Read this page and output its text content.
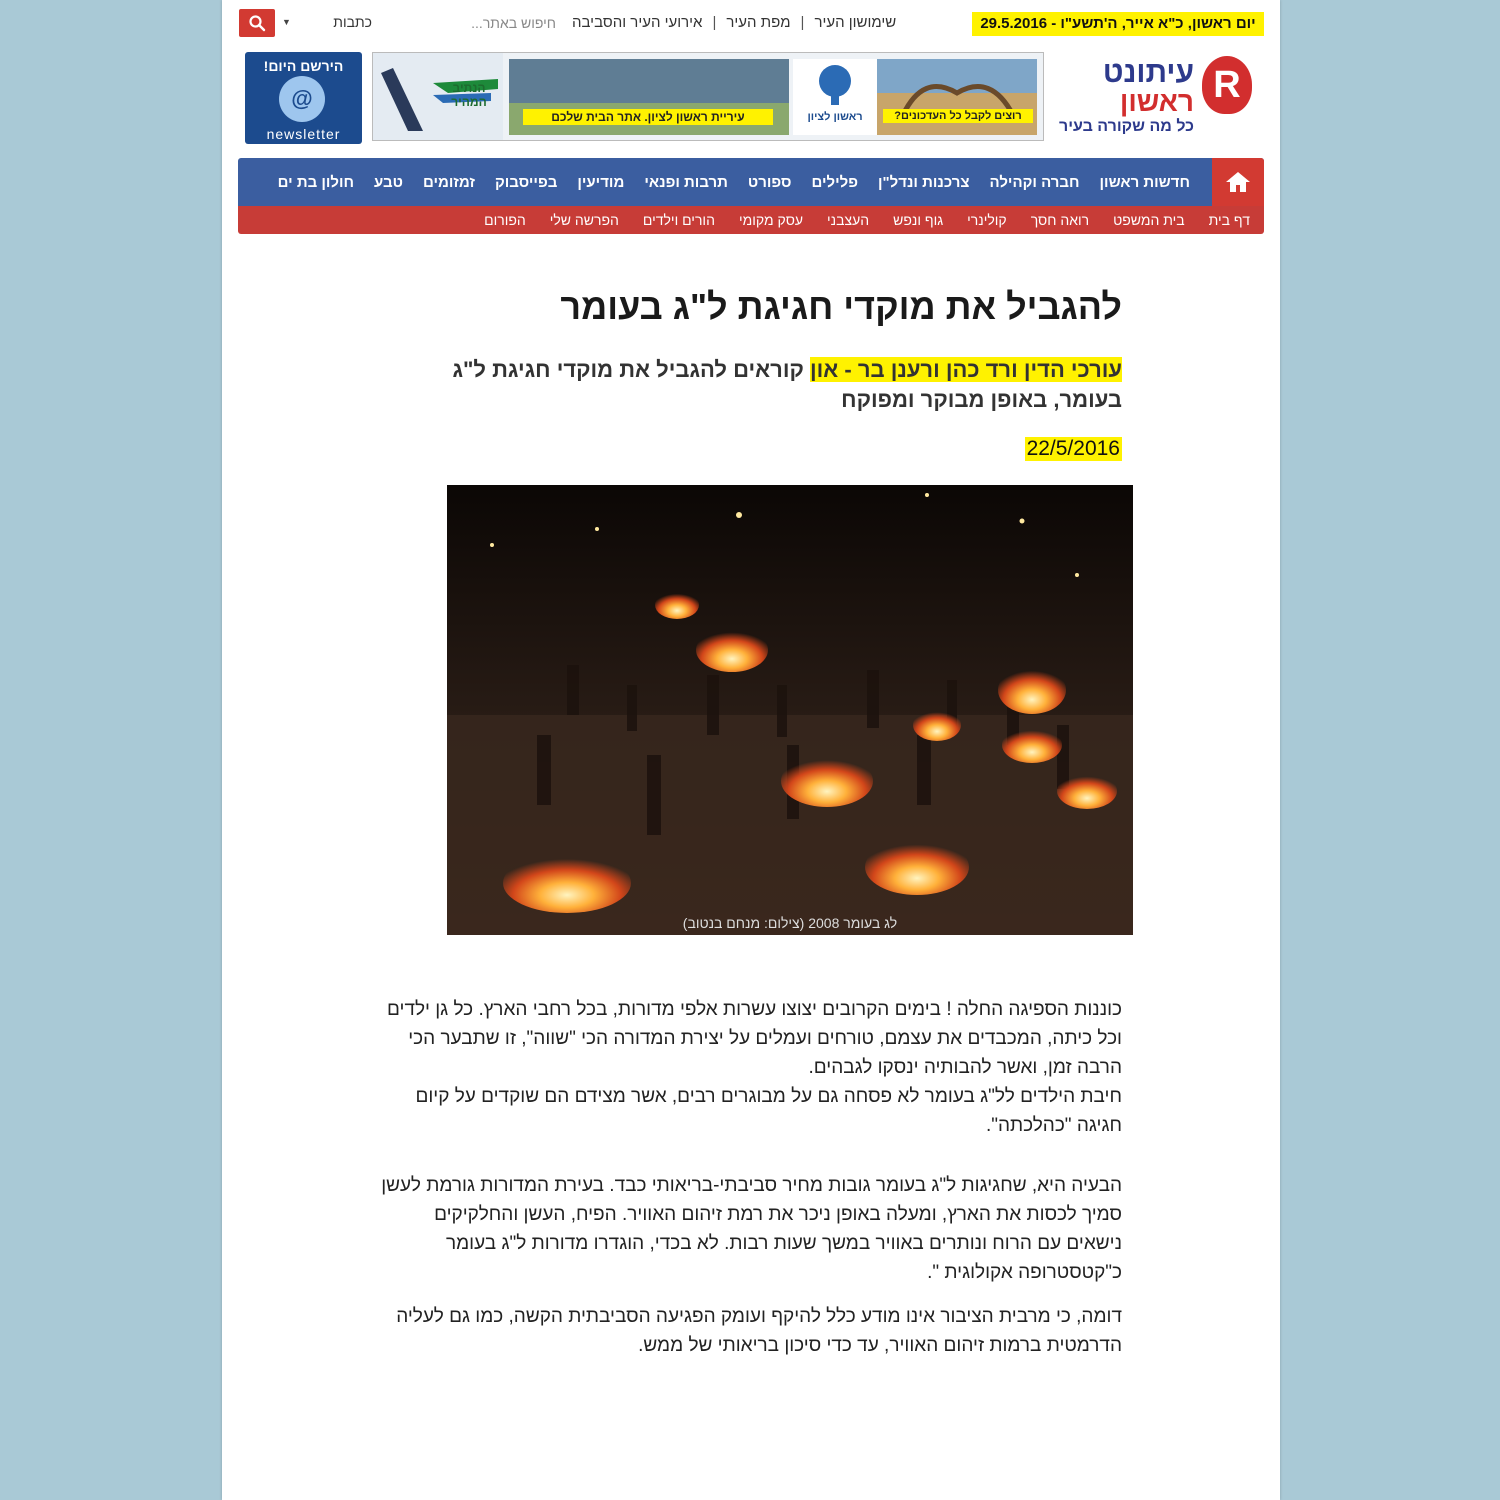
יום ראשון, כ"א אייר, ה'תשע"ו - 29.5.2016
שימושון העיר
|
מפת העיר
|
אירועי העיר והסביבה
חיפוש באתר...
כתבות
▼
R
עיתונט
ראשון
כל מה שקורה בעיר
הנתיב המהיר
עיריית ראשון לציון. אתר הבית שלכם	ראשון לציון	רוצים לקבל כל העדכונים?
הירשם היום!
@
newsletter
חדשות ראשון
חברה וקהילה
צרכנות ונדל"ן
פלילים
ספורט
תרבות ופנאי
מודיעין
בפייסבוק
זמזומים
טבע
חולון בת ים
דף בית
בית המשפט
רואה חסך
קולינרי
גוף ונפש
העצבני
עסק מקומי
הורים וילדים
הפרשה שלי
הפורום
להגביל את מוקדי חגיגת ל"ג בעומר
עורכי הדין ורד כהן ורענן בר - און קוראים להגביל את מוקדי חגיגת ל"ג בעומר, באופן מבוקר ומפוקח
22/5/2016
לג בעומר 2008 (צילום: מנחם בנטוב)

כוננות הספיגה החלה ! בימים הקרובים יצוצו עשרות אלפי מדורות, בכל רחבי הארץ. כל גן ילדים וכל כיתה, המכבדים את עצמם, טורחים ועמלים על יצירת המדורה הכי "שווה", זו שתבער הכי הרבה זמן, ואשר להבותיה ינסקו לגבהים.

חיבת הילדים לל"ג בעומר לא פסחה גם על מבוגרים רבים, אשר מצידם הם שוקדים על קיום חגיגה "כהלכתה".

הבעיה היא, שחגיגות ל"ג בעומר גובות מחיר סביבתי-בריאותי כבד. בעירת המדורות גורמת לעשן סמיך לכסות את הארץ, ומעלה באופן ניכר את רמת זיהום האוויר. הפיח, העשן והחלקיקים נישאים עם הרוח ונותרים באוויר במשך שעות רבות. לא בכדי, הוגדרו מדורות ל"ג בעומר כ"קטסטרופה אקולוגית ".

דומה, כי מרבית הציבור אינו מודע כלל להיקף ועומק הפגיעה הסביבתית הקשה, כמו גם לעליה הדרמטית ברמות זיהום האוויר, עד כדי סיכון בריאותי של ממש.
